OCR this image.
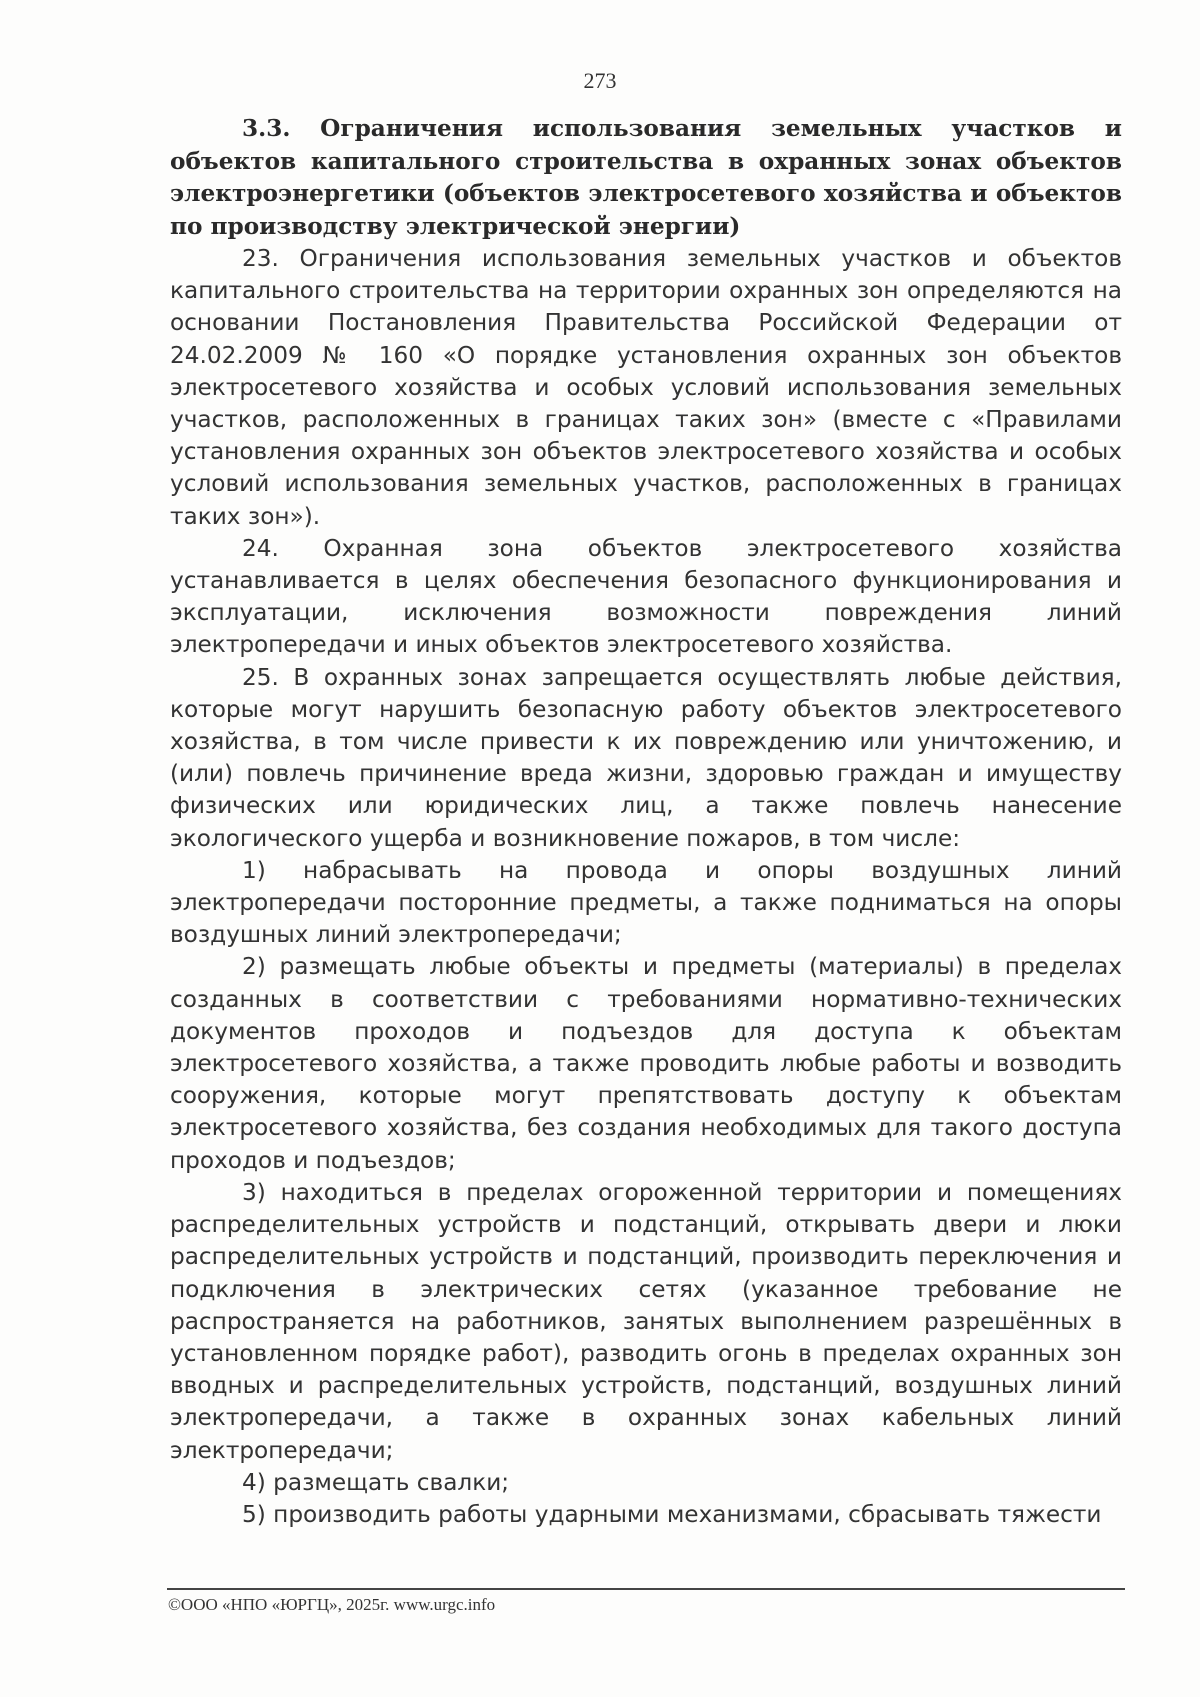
273

3.3. Ограничения использования земельных участков и объектов капитального строительства в охранных зонах объектов электроэнергетики (объектов электросетевого хозяйства и объектов по производству электрической энергии)

23. Ограничения использования земельных участков и объектов капитального строительства на территории охранных зон определяются на основании Постановления Правительства Российской Федерации от 24.02.2009 № 160 «О порядке установления охранных зон объектов электросетевого хозяйства и особых условий использования земельных участков, расположенных в границах таких зон» (вместе с «Правилами установления охранных зон объектов электросетевого хозяйства и особых условий использования земельных участков, расположенных в границах таких зон»).

24. Охранная зона объектов электросетевого хозяйства устанавливается в целях обеспечения безопасного функционирования и эксплуатации, исключения возможности повреждения линий электропередачи и иных объектов электросетевого хозяйства.

25. В охранных зонах запрещается осуществлять любые действия, которые могут нарушить безопасную работу объектов электросетевого хозяйства, в том числе привести к их повреждению или уничтожению, и (или) повлечь причинение вреда жизни, здоровью граждан и имуществу физических или юридических лиц, а также повлечь нанесение экологического ущерба и возникновение пожаров, в том числе:

1) набрасывать на провода и опоры воздушных линий электропередачи посторонние предметы, а также подниматься на опоры воздушных линий электропередачи;

2) размещать любые объекты и предметы (материалы) в пределах созданных в соответствии с требованиями нормативно-технических документов проходов и подъездов для доступа к объектам электросетевого хозяйства, а также проводить любые работы и возводить сооружения, которые могут препятствовать доступу к объектам электросетевого хозяйства, без создания необходимых для такого доступа проходов и подъездов;

3) находиться в пределах огороженной территории и помещениях распределительных устройств и подстанций, открывать двери и люки распределительных устройств и подстанций, производить переключения и подключения в электрических сетях (указанное требование не распространяется на работников, занятых выполнением разрешённых в установленном порядке работ), разводить огонь в пределах охранных зон вводных и распределительных устройств, подстанций, воздушных линий электропередачи, а также в охранных зонах кабельных линий электропередачи;

4) размещать свалки;

5) производить работы ударными механизмами, сбрасывать тяжести

©ООО «НПО «ЮРГЦ», 2025г. www.urgc.info
